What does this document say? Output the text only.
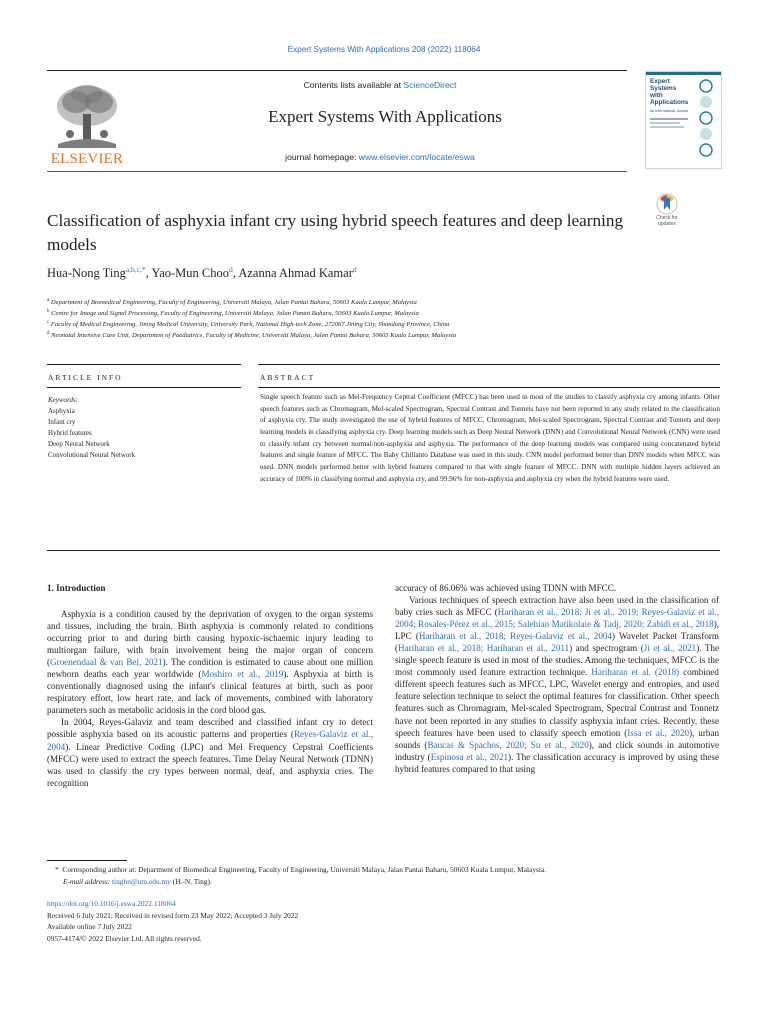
Expert Systems With Applications 208 (2022) 118064
ELSEVIER
Contents lists available at ScienceDirect
Expert Systems With Applications
journal homepage: www.elsevier.com/locate/eswa
Expert
Systems
with
Applications
An International Journal
Classification of asphyxia infant cry using hybrid speech features and deep learning models
Check for
updates
Hua-Nong Ting$^{a,b,c,*}$, Yao-Mun Choo$^d$, Azanna Ahmad Kamar$^d$
$^a$ Department of Biomedical Engineering, Faculty of Engineering, Universiti Malaya, Jalan Pantai Baharu, 50603 Kuala Lumpur, Malaysia
$^b$ Centre for Image and Signal Processing, Faculty of Engineering, Universiti Malaya, Jalan Pantai Baharu, 50603 Kuala Lumpur, Malaysia
$^c$ Faculty of Medical Engineering, Jining Medical University, University Park, National High-tech Zone, 272067 Jining City, Shandong Province, China
$^d$ Neonatal Intensive Care Unit, Department of Paediatrics, Faculty of Medicine, Universiti Malaya, Jalan Pantai Baharu, 50603 Kuala Lumpur, Malaysia
ARTICLE INFO	ABSTRACT
Keywords:
Asphyxia
Infant cry
Hybrid features
Deep Neural Network
Convolutional Neural Network
Single speech feature such as Mel-Frequency Ceptral Coefficient (MFCC) has been used in most of the studies to classify asphyxia cry among infants. Other speech features such as Chromagram, Mel-scaled Spectrogram, Spectral Contrast and Tonnets have not been reported in any study related to the classification of asphyxia cry. The study investigated the use of hybrid features of MFCC, Chromagram, Mel-scaled Spectrogram, Spectral Contrast and Tonnets and deep learning models in classifying asphyxia cry. Deep learning models such as Deep Neural Network (DNN) and Convolutional Neural Network (CNN) were used to classify infant cry between normal/non-asphyxia and asphyxia. The performance of the deep learning models was compared using concatenated hybrid features and single feature of MFCC. The Baby Chillanto Database was used in this study. CNN model performed better than DNN models when MFCC was used. DNN models performed better with hybrid features compared to that with single feature of MFCC. DNN with multiple hidden layers achieved an accuracy of 100% in classifying normal and asphyxia cry, and 99.96% for non-asphyxia and asphyxia cry when the hybrid features were used.
1. Introduction

Asphyxia is a condition caused by the deprivation of oxygen to the organ systems and tissues, including the brain. Birth asphyxia is commonly related to conditions occurring prior to and during birth causing hypoxic-ischaemic injury leading to multiorgan failure, with brain involvement being the major organ of concern (Groenendaal & van Bel, 2021). The condition is estimated to cause about one million newborn deaths each year worldwide (Moshiro et al., 2019). Asphyxia at birth is conventionally diagnosed using the infant's clinical features at birth, such as poor respiratory effort, low heart rate, and lack of movements, combined with laboratory parameters such as metabolic acidosis in the cord blood gas.

In 2004, Reyes-Galaviz and team described and classified infant cry to detect possible asphyxia based on its acoustic patterns and properties (Reyes-Galaviz et al., 2004). Linear Predictive Coding (LPC) and Mel Frequency Cepstral Coefficients (MFCC) were used to extract the speech features. Time Delay Neural Network (TDNN) was used to classify the cry types between normal, deaf, and asphyxia cries. The recognition

accuracy of 86.06% was achieved using TDNN with MFCC.

Various techniques of speech extraction have also been used in the classification of baby cries such as MFCC (Hariharan et al., 2018; Ji et al., 2019; Reyes-Galaviz et al., 2004; Rosales-Pérez et al., 2015; Salehian Matikolaie & Tadj, 2020; Zabidi et al., 2018), LPC (Hariharan et al., 2018; Reyes-Galaviz et al., 2004) Wavelet Packet Transform (Hariharan et al., 2018; Hariharan et al., 2011) and spectrogram (Ji et al., 2021). The single speech feature is used in most of the studies. Among the techniques, MFCC is the most commonly used feature extraction technique. Hariharan et al. (2018) combined different speech features such as MFCC, LPC, Wavelet energy and entropies, and used feature selection technique to select the optimal features for classification. Other speech features such as Chromagram, Mel-scaled Spectrogram, Spectral Contrast and Tonnetz have not been reported in any studies to classify asphyxia infant cries. Recently, these speech features have been used to classify speech emotion (Issa et al., 2020), urban sounds (Baucas & Spachos, 2020; Su et al., 2020), and click sounds in automotive industry (Espinosa et al., 2021). The classification accuracy is improved by using these hybrid features compared to that using

* Corresponding author at: Department of Biomedical Engineering, Faculty of Engineering, Universiti Malaya, Jalan Pantai Baharu, 50603 Kuala Lumpur, Malaysia.
E-mail address: tinghn@um.edu.my (H.-N. Ting).
https://doi.org/10.1016/j.eswa.2022.118064
Received 6 July 2021; Received in revised form 23 May 2022; Accepted 3 July 2022
Available online 7 July 2022
0957-4174/© 2022 Elsevier Ltd. All rights reserved.
